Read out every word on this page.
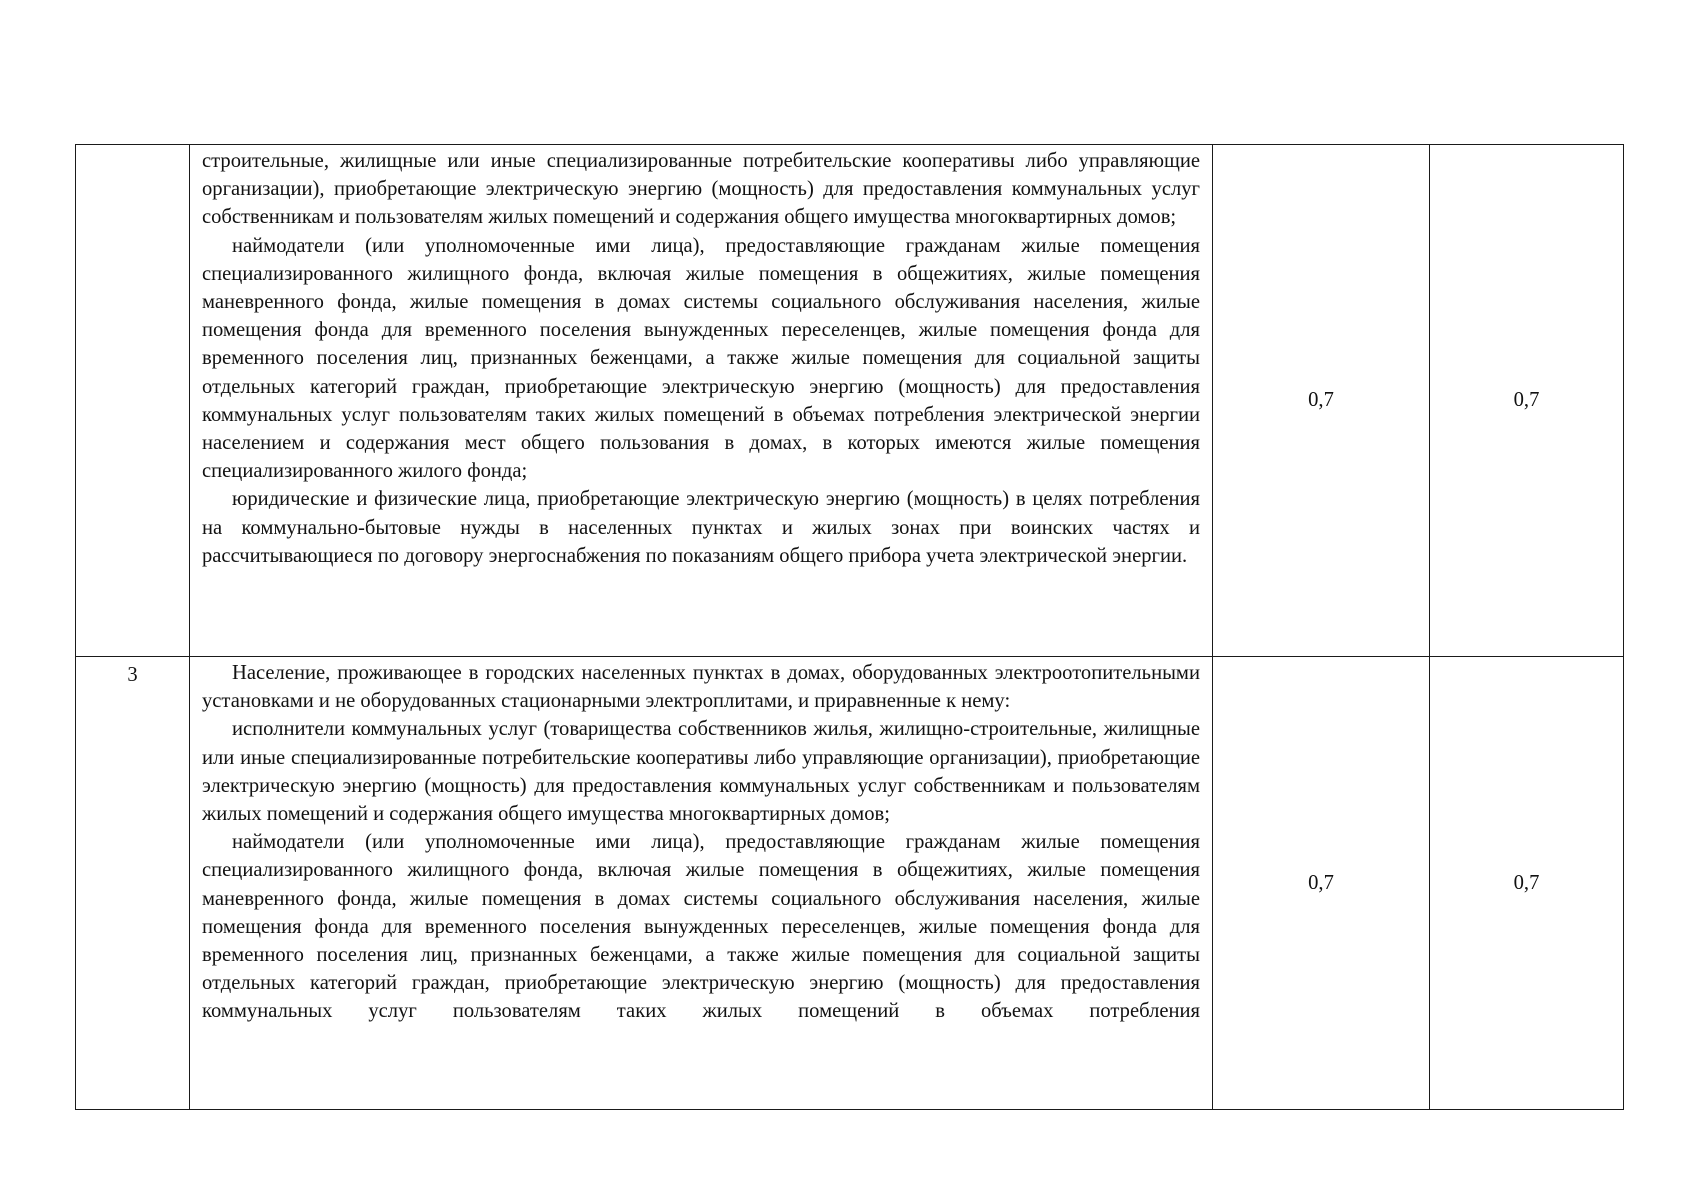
	строительные, жилищные или иные специализированные потребительские кооперативы либо управляющие организации), приобретающие электрическую энергию (мощность) для предоставления коммунальных услуг собственникам и пользователям жилых помещений и содержания общего имущества многоквартирных домов;

наймодатели (или уполномоченные ими лица), предоставляющие гражданам жилые помещения специализированного жилищного фонда, включая жилые помещения в общежитиях, жилые помещения маневренного фонда, жилые помещения в домах системы социального обслуживания населения, жилые помещения фонда для временного поселения вынужденных переселенцев, жилые помещения фонда для временного поселения лиц, признанных беженцами, а также жилые помещения для социальной защиты отдельных категорий граждан, приобретающие электрическую энергию (мощность) для предоставления коммунальных услуг пользователям таких жилых помещений в объемах потребления электрической энергии населением и содержания мест общего пользования в домах, в которых имеются жилые помещения специализированного жилого фонда;

юридические и физические лица, приобретающие электрическую энергию (мощность) в целях потребления на коммунально-бытовые нужды в населенных пунктах и жилых зонах при воинских частях и рассчитывающиеся по договору энергоснабжения по показаниям общего прибора учета электрической энергии.	0,7	0,7
3	Население, проживающее в городских населенных пунктах в домах, оборудованных электроотопительными установками и не оборудованных стационарными электроплитами, и приравненные к нему:

исполнители коммунальных услуг (товарищества собственников жилья, жилищно-строительные, жилищные или иные специализированные потребительские кооперативы либо управляющие организации), приобретающие электрическую энергию (мощность) для предоставления коммунальных услуг собственникам и пользователям жилых помещений и содержания общего имущества многоквартирных домов;

наймодатели (или уполномоченные ими лица), предоставляющие гражданам жилые помещения специализированного жилищного фонда, включая жилые помещения в общежитиях, жилые помещения маневренного фонда, жилые помещения в домах системы социального обслуживания населения, жилые помещения фонда для временного поселения вынужденных переселенцев, жилые помещения фонда для временного поселения лиц, признанных беженцами, а также жилые помещения для социальной защиты отдельных категорий граждан, приобретающие электрическую энергию (мощность) для предоставления коммунальных услуг пользователям таких жилых помещений в объемах потребления	0,7	0,7
